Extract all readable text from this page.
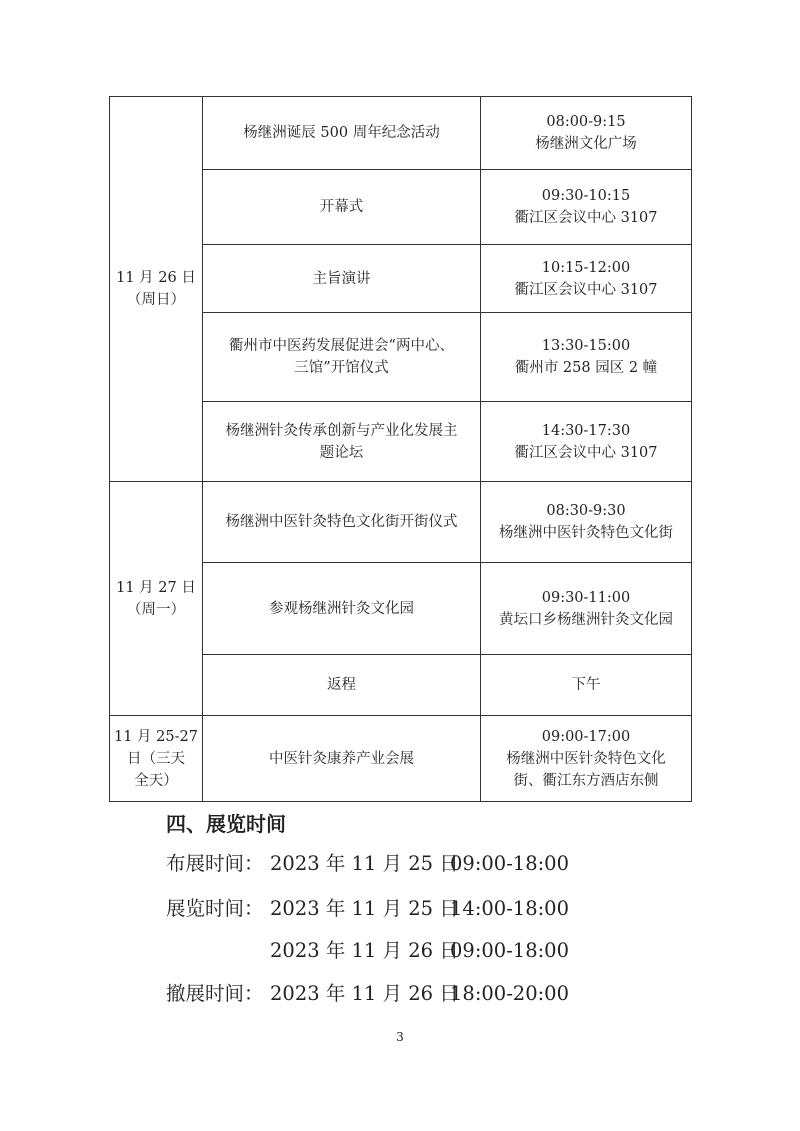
11 月 26 日
（周日）	杨继洲诞辰 500 周年纪念活动	08:00-9:15
杨继洲文化广场

	开幕式	09:30-10:15
衢江区会议中心 3107

	主旨演讲	10:15-12:00
衢江区会议中心 3107

	衢州市中医药发展促进会“两中心、
三馆”开馆仪式	13:30-15:00
衢州市 258 园区 2 幢

	杨继洲针灸传承创新与产业化发展主
题论坛	14:30-17:30
衢江区会议中心 3107

11 月 27 日
（周一）	杨继洲中医针灸特色文化街开街仪式	08:30-9:30
杨继洲中医针灸特色文化街

	参观杨继洲针灸文化园	09:30-11:00
黄坛口乡杨继洲针灸文化园

	返程	下午

11 月 25-27
日（三天
全天）	中医针灸康养产业会展	09:00-17:00
杨继洲中医针灸特色文化
街、衢江东方酒店东侧
四、展览时间
布展时间： 2023 年 11 月 25 日09:00-18:00
展览时间： 2023 年 11 月 25 日14:00-18:00
2023 年 11 月 26 日09:00-18:00
撤展时间： 2023 年 11 月 26 日18:00-20:00
3
